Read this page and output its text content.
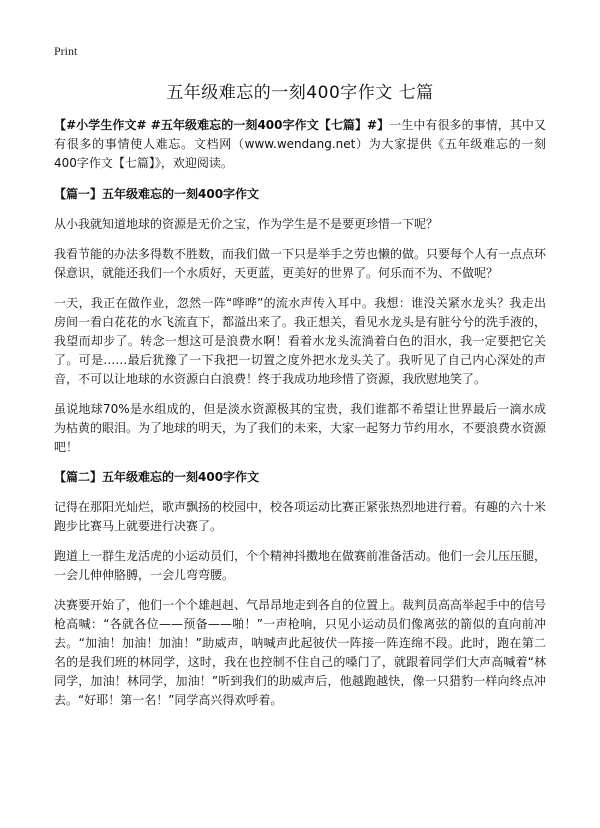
Print
五年级难忘的一刻400字作文 七篇

【#小学生作文# #五年级难忘的一刻400字作文【七篇】#】一生中有很多的事情，其中又有很多的事情使人难忘。文档网（www.wendang.net）为大家提供《五年级难忘的一刻400字作文【七篇】》，欢迎阅读。

【篇一】五年级难忘的一刻400字作文

从小我就知道地球的资源是无价之宝，作为学生是不是要更珍惜一下呢？

我看节能的办法多得数不胜数，而我们做一下只是举手之劳也懒的做。只要每个人有一点点环保意识，就能还我们一个水质好，天更蓝，更美好的世界了。何乐而不为、不做呢？

一天，我正在做作业，忽然一阵“哗哗”的流水声传入耳中。我想：谁没关紧水龙头？我走出房间一看白花花的水飞流直下，都溢出来了。我正想关，看见水龙头是有脏兮兮的洗手液的，我望而却步了。转念一想这可是浪费水啊！看着水龙头流淌着白色的泪水，我一定要把它关了。可是……最后犹豫了一下我把一切置之度外把水龙头关了。我听见了自己内心深处的声音，不可以让地球的水资源白白浪费！终于我成功地珍惜了资源，我欣慰地笑了。

虽说地球70%是水组成的，但是淡水资源极其的宝贵，我们谁都不希望让世界最后一滴水成为枯黄的眼泪。为了地球的明天，为了我们的未来，大家一起努力节约用水，不要浪费水资源吧！

【篇二】五年级难忘的一刻400字作文

记得在那阳光灿烂，歌声飘扬的校园中，校各项运动比赛正紧张热烈地进行着。有趣的六十米跑步比赛马上就要进行决赛了。

跑道上一群生龙活虎的小运动员们，个个精神抖擞地在做赛前准备活动。他们一会儿压压腿，一会儿伸伸胳膊，一会儿弯弯腰。

决赛要开始了，他们一个个雄赳赳、气昂昂地走到各自的位置上。裁判员高高举起手中的信号枪高喊：“各就各位——预备——啪！”一声枪响，只见小运动员们像离弦的箭似的直向前冲去。“加油！加油！加油！”助威声，呐喊声此起彼伏一阵接一阵连绵不段。此时，跑在第二名的是我们班的林同学，这时，我在也控制不住自己的嗓门了，就跟着同学们大声高喊着“林同学，加油！林同学，加油！”听到我们的助威声后，他越跑越快，像一只猎豹一样向终点冲去。“好耶！第一名！”同学高兴得欢呼着。
